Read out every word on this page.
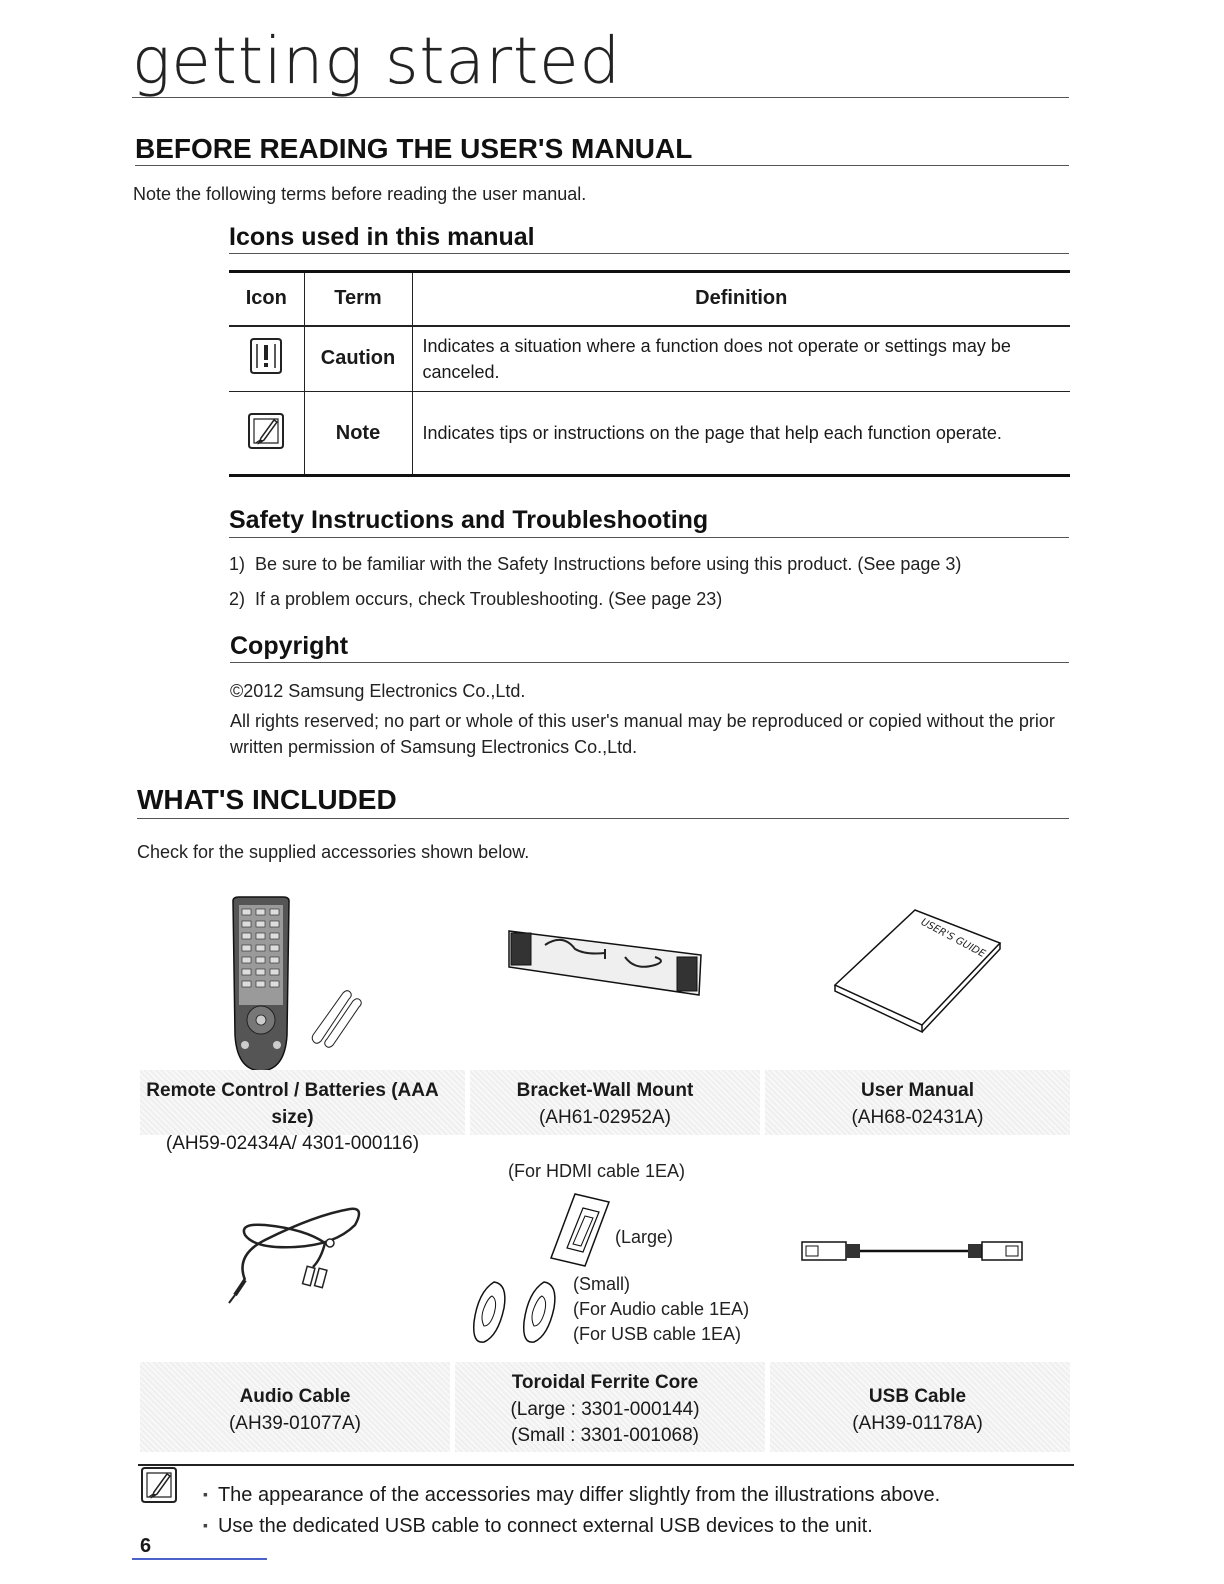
getting started
BEFORE READING THE USER'S MANUAL
Note the following terms before reading the user manual.
Icons used in this manual
Icon	Term	Definition
	Caution	Indicates a situation where a function does not operate or settings may be canceled.
	Note	Indicates tips or instructions on the page that help each function operate.
Safety Instructions and Troubleshooting
1) Be sure to be familiar with the Safety Instructions before using this product. (See page 3)
2) If a problem occurs, check Troubleshooting. (See page 23)
Copyright
©2012 Samsung Electronics Co.,Ltd.
All rights reserved; no part or whole of this user's manual may be reproduced or copied without the prior written permission of Samsung Electronics Co.,Ltd.
WHAT'S INCLUDED
Check for the supplied accessories shown below.
USER'S GUIDE
Remote Control / Batteries (AAA size)
(AH59-02434A/ 4301-000116)
Bracket-Wall Mount
(AH61-02952A)
User Manual
(AH68-02431A)
(For HDMI cable 1EA)
(Large)
(Small)
(For Audio cable 1EA)
(For USB cable 1EA)
Audio Cable
(AH39-01077A)
Toroidal Ferrite Core
(Large : 3301-000144)
(Small : 3301-001068)
USB Cable
(AH39-01178A)
▪ The appearance of the accessories may differ slightly from the illustrations above.
▪ Use the dedicated USB cable to connect external USB devices to the unit.
6
